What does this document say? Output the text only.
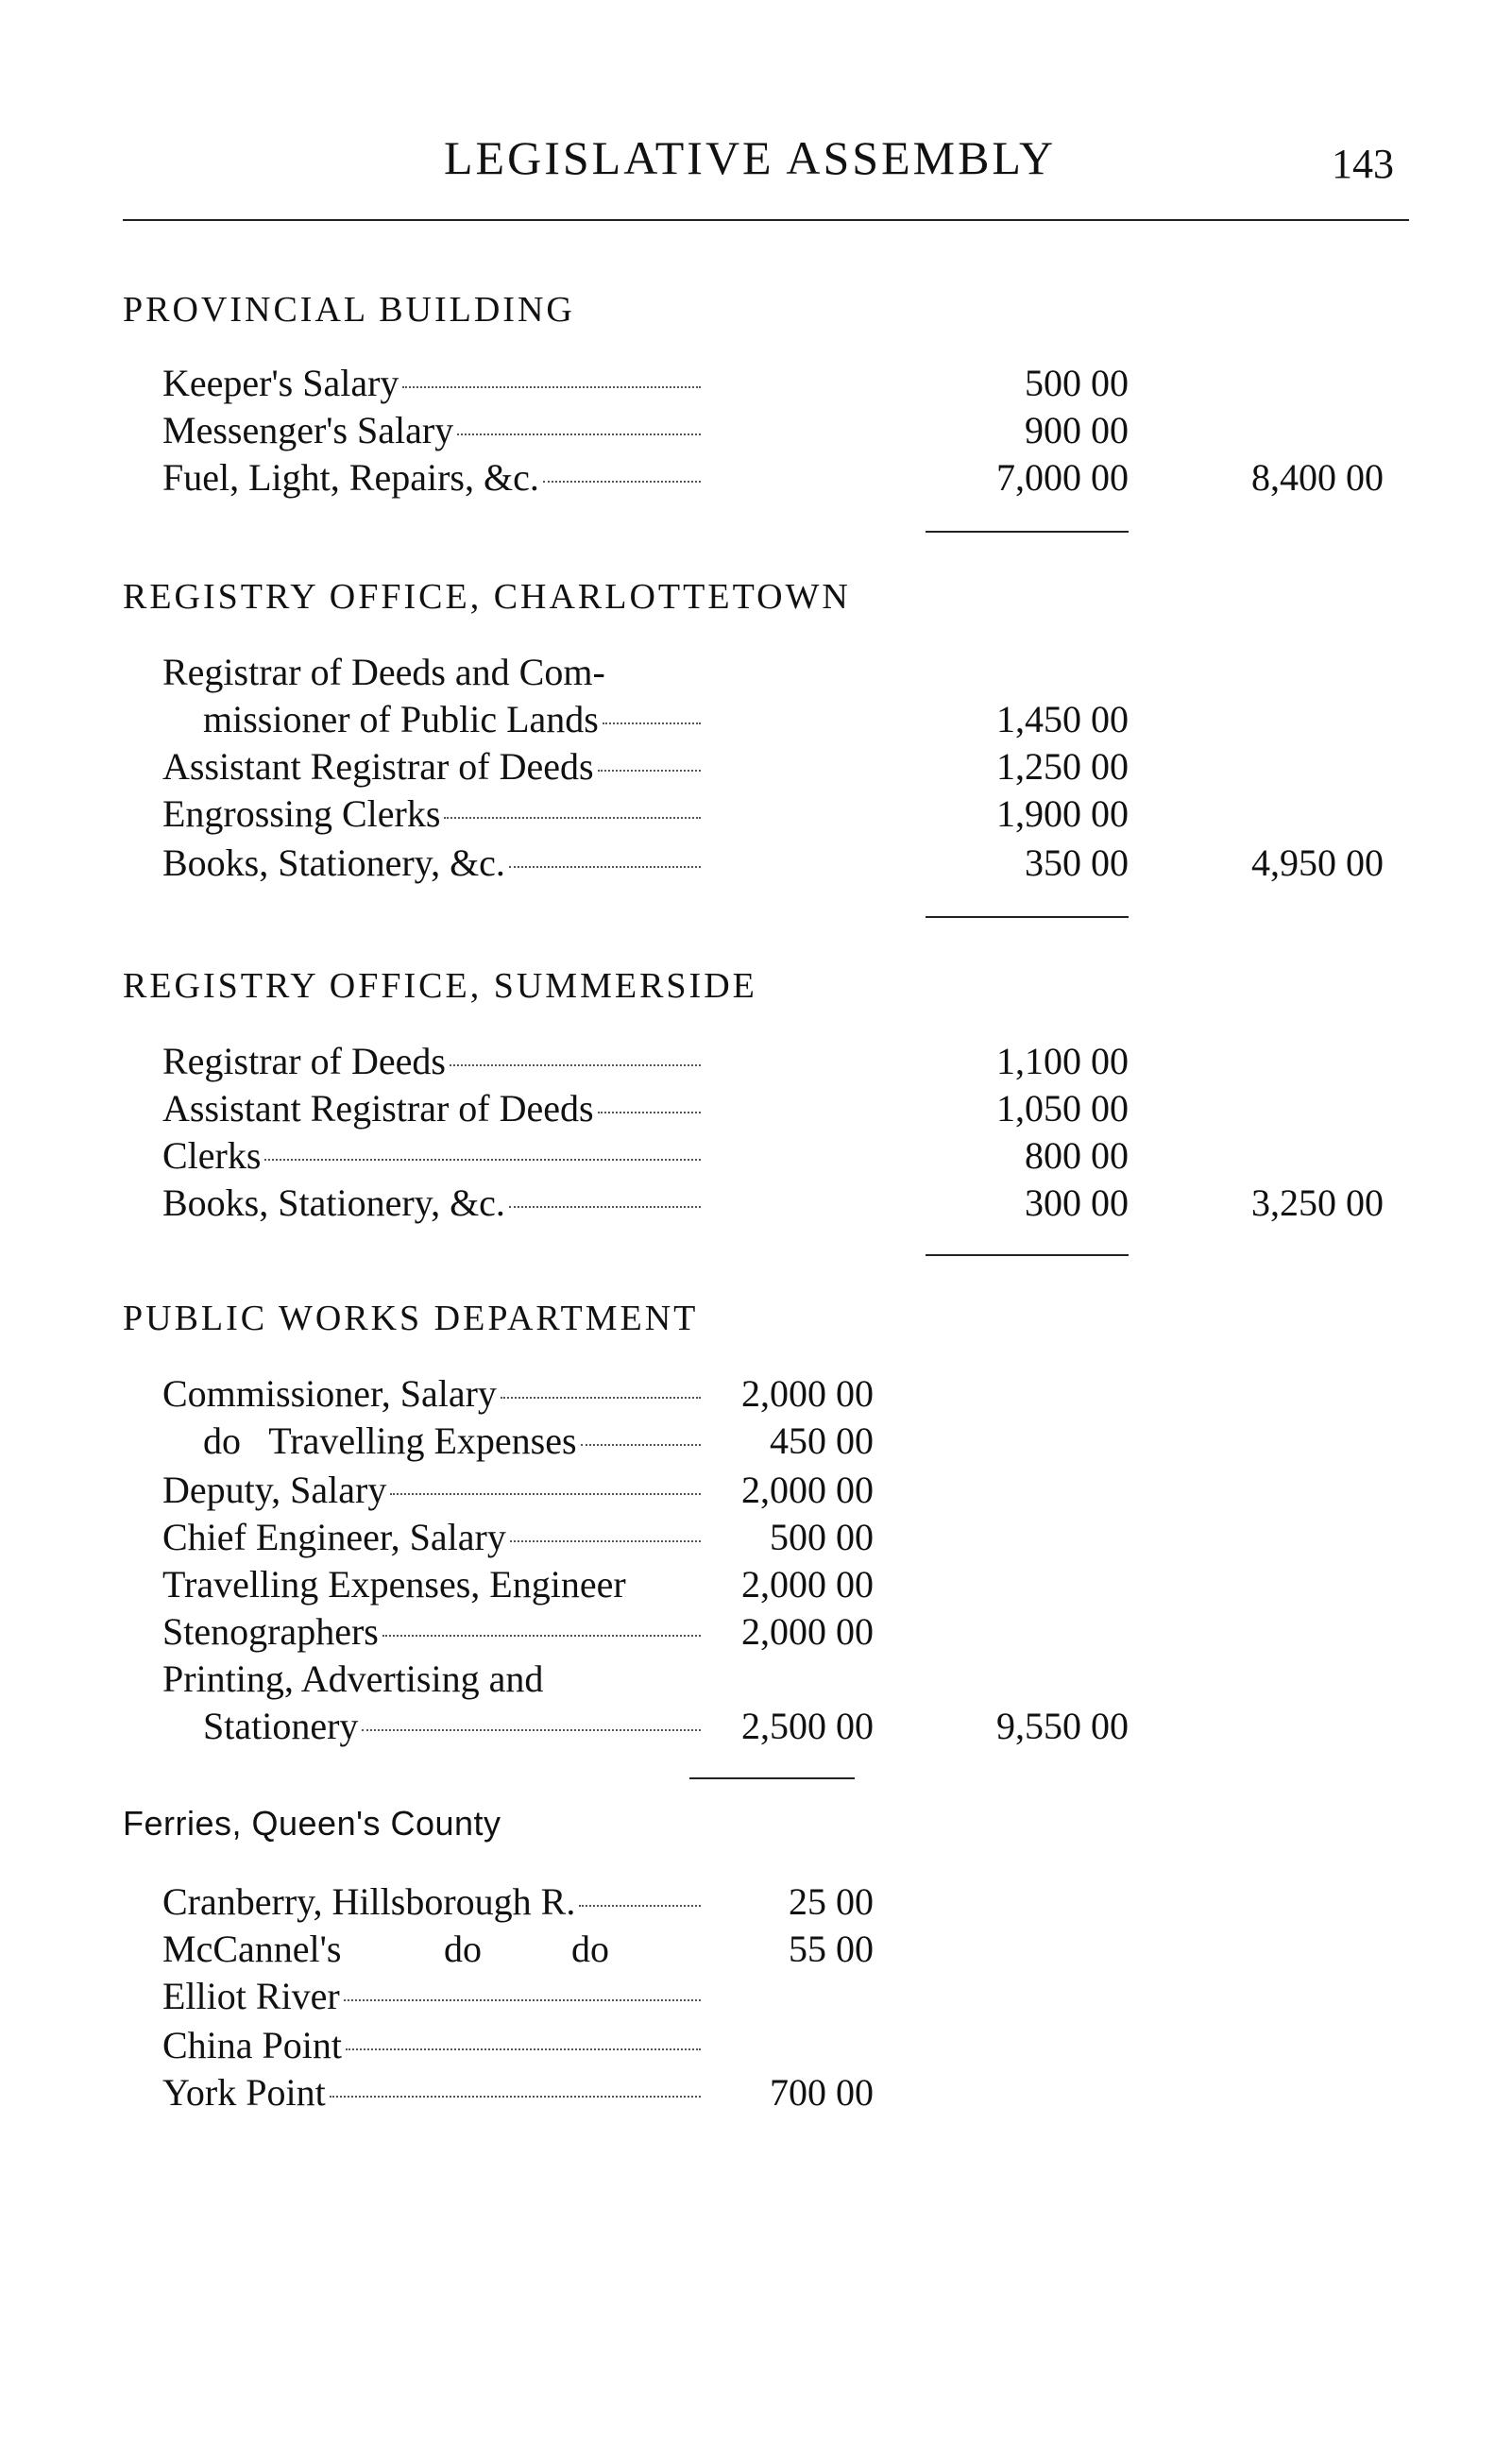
LEGISLATIVE ASSEMBLY	143
PROVINCIAL BUILDING
Keeper's Salary	500 00
Messenger's Salary	900 00
Fuel, Light, Repairs, &c.	7,000 00	8,400 00
REGISTRY OFFICE, CHARLOTTETOWN
Registrar of Deeds and Com-
missioner of Public Lands	1,450 00
Assistant Registrar of Deeds	1,250 00
Engrossing Clerks	1,900 00
Books, Stationery, &c.	350 00	4,950 00
REGISTRY OFFICE, SUMMERSIDE
Registrar of Deeds	1,100 00
Assistant Registrar of Deeds	1,050 00
Clerks	800 00
Books, Stationery, &c.	300 00	3,250 00
PUBLIC WORKS DEPARTMENT
Commissioner, Salary	2,000 00
do   Travelling Expenses	450 00
Deputy, Salary	2,000 00
Chief Engineer, Salary	500 00
Travelling Expenses, Engineer	2,000 00
Stenographers	2,000 00
Printing, Advertising and
Stationery	2,500 00	9,550 00
Ferries, Queen's County
Cranberry, Hillsborough R.	25 00
McCannel's	do do	55 00
Elliot River
China Point
York Point	700 00
